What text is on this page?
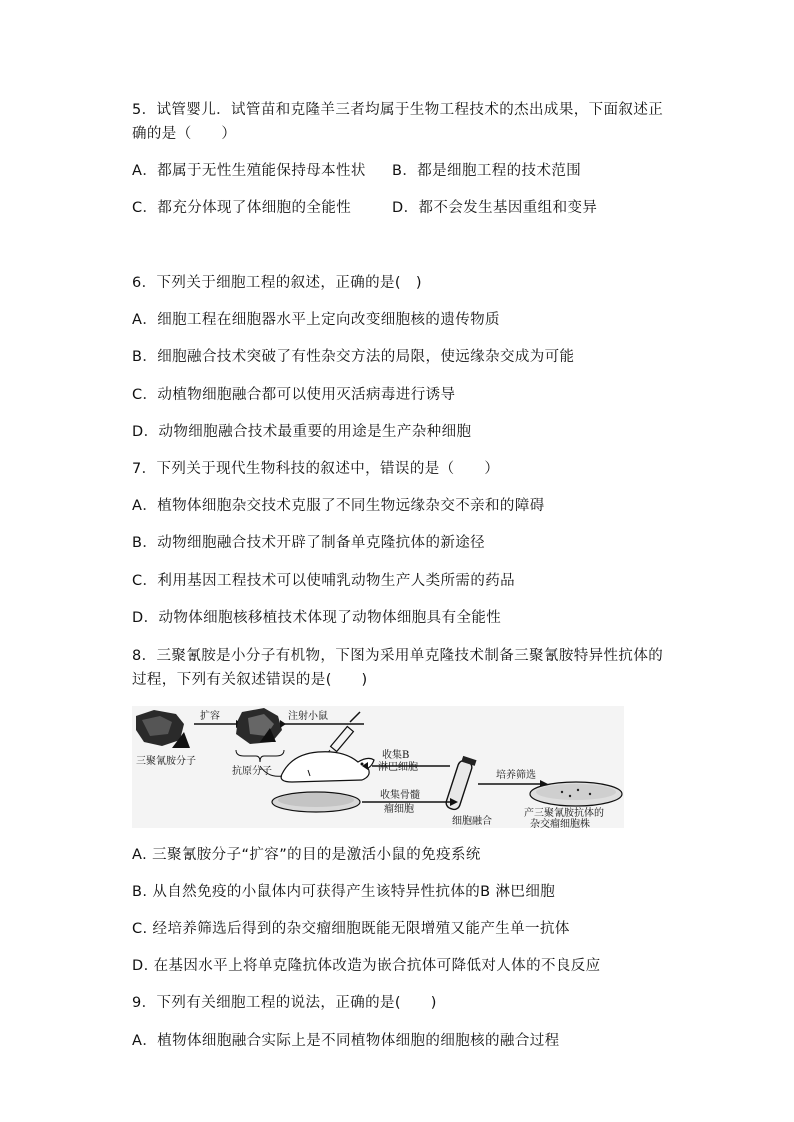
5．试管婴儿．试管苗和克隆羊三者均属于生物工程技术的杰出成果，下面叙述正
确的是（　　）
A．都属于无性生殖能保持母本性状 B．都是细胞工程的技术范围
C．都充分体现了体细胞的全能性	D．都不会发生基因重组和变异
6．下列关于细胞工程的叙述，正确的是(　)
A．细胞工程在细胞器水平上定向改变细胞核的遗传物质
B．细胞融合技术突破了有性杂交方法的局限，使远缘杂交成为可能
C．动植物细胞融合都可以使用灭活病毒进行诱导
D．动物细胞融合技术最重要的用途是生产杂种细胞
7．下列关于现代生物科技的叙述中，错误的是（　　）
A．植物体细胞杂交技术克服了不同生物远缘杂交不亲和的障碍
B．动物细胞融合技术开辟了制备单克隆抗体的新途径
C．利用基因工程技术可以使哺乳动物生产人类所需的药品
D．动物体细胞核移植技术体现了动物体细胞具有全能性
8．三聚氰胺是小分子有机物，下图为采用单克隆技术制备三聚氰胺特异性抗体的
过程，下列有关叙述错误的是(　　)
三聚氰胺分子
扩容
抗原分子
注射小鼠
收集B
淋巴细胞
收集骨髓
瘤细胞
细胞融合
培养筛选
产三聚氰胺抗体的
杂交瘤细胞株
A. 三聚氰胺分子“扩容”的目的是激活小鼠的免疫系统
B. 从自然免疫的小鼠体内可获得产生该特异性抗体的B 淋巴细胞
C. 经培养筛选后得到的杂交瘤细胞既能无限增殖又能产生单一抗体
D. 在基因水平上将单克隆抗体改造为嵌合抗体可降低对人体的不良反应
9．下列有关细胞工程的说法，正确的是(　　)
A．植物体细胞融合实际上是不同植物体细胞的细胞核的融合过程
